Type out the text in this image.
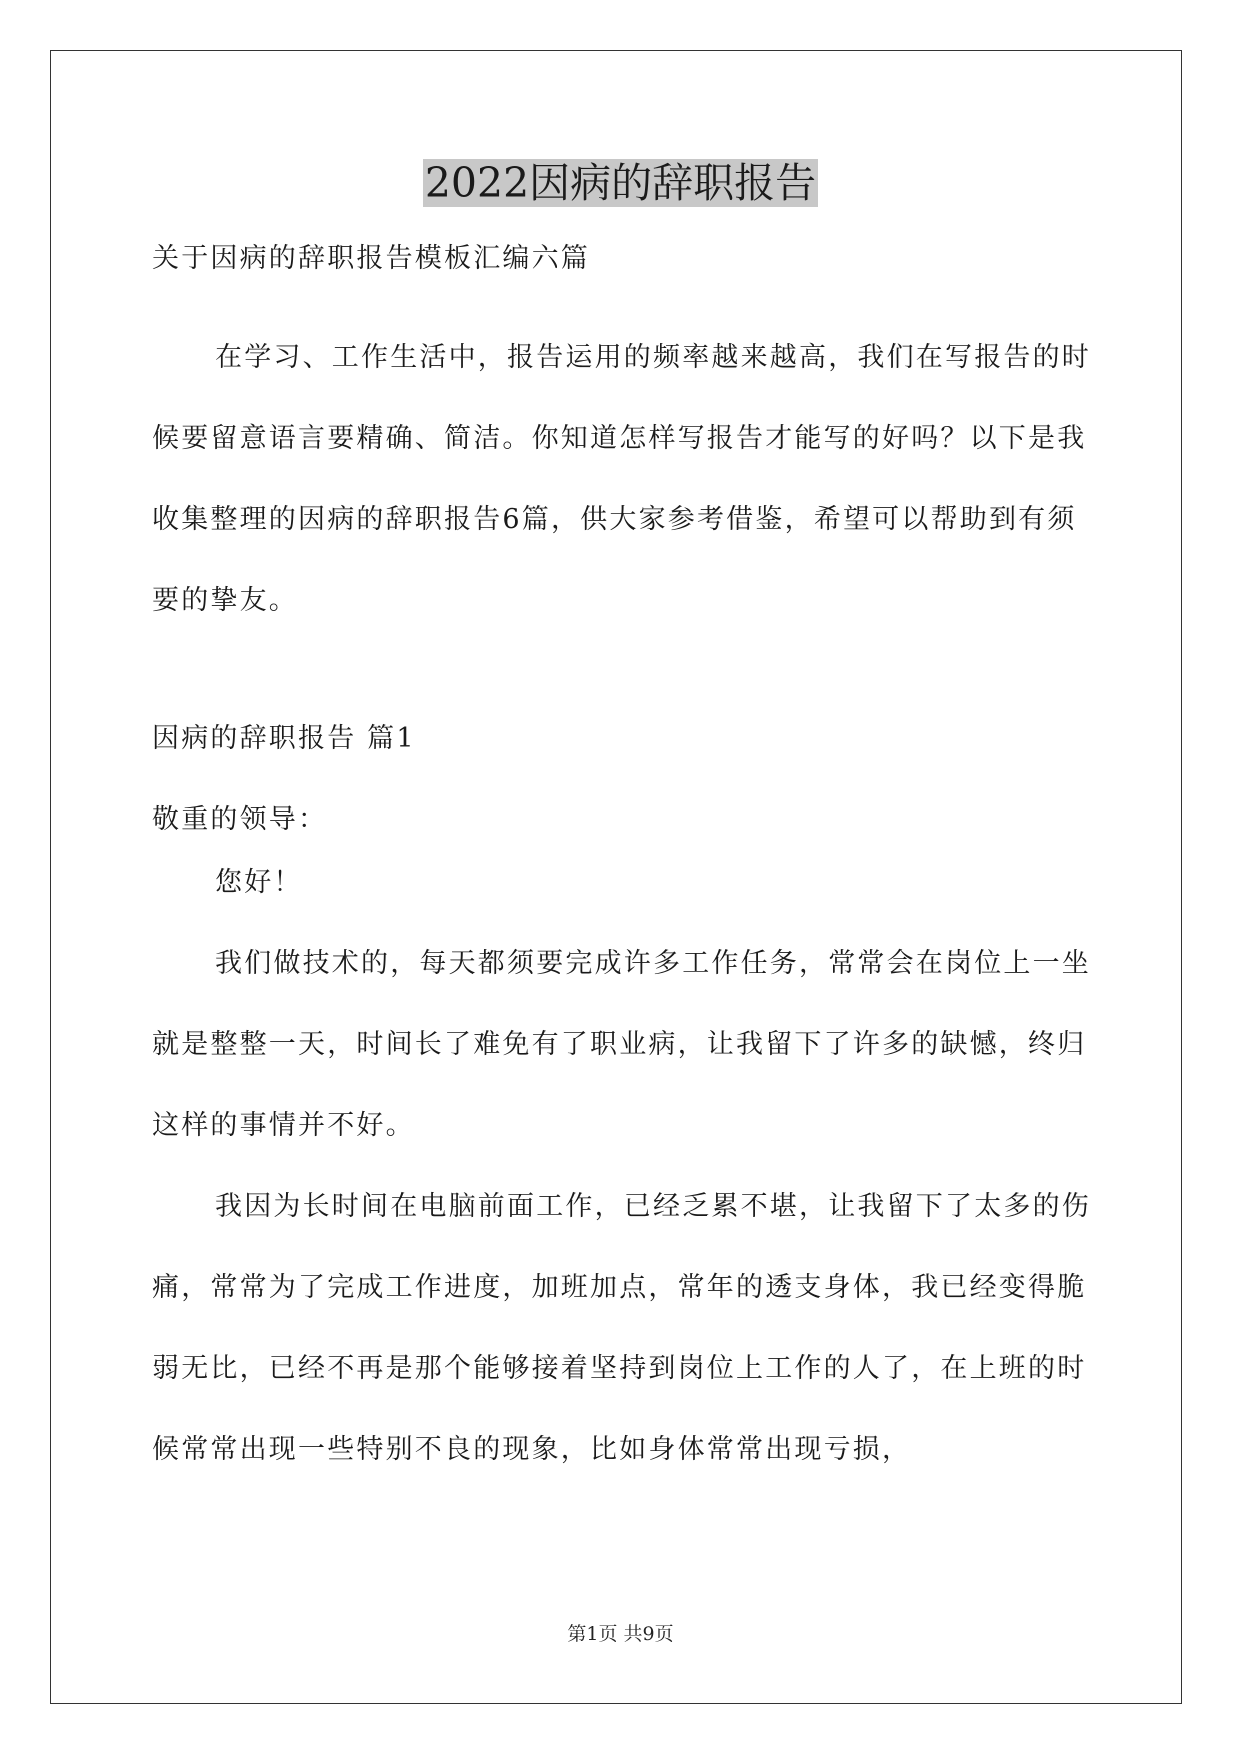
2022因病的辞职报告

关于因病的辞职报告模板汇编六篇

在学习、工作生活中，报告运用的频率越来越高，我们在写报告的时候要留意语言要精确、简洁。你知道怎样写报告才能写的好吗？以下是我收集整理的因病的辞职报告6篇，供大家参考借鉴，希望可以帮助到有须要的挚友。

因病的辞职报告 篇1

敬重的领导：

您好！

我们做技术的，每天都须要完成许多工作任务，常常会在岗位上一坐就是整整一天，时间长了难免有了职业病，让我留下了许多的缺憾，终归这样的事情并不好。

我因为长时间在电脑前面工作，已经乏累不堪，让我留下了太多的伤痛，常常为了完成工作进度，加班加点，常年的透支身体，我已经变得脆弱无比，已经不再是那个能够接着坚持到岗位上工作的人了，在上班的时候常常出现一些特别不良的现象，比如身体常常出现亏损，

第1页 共9页
